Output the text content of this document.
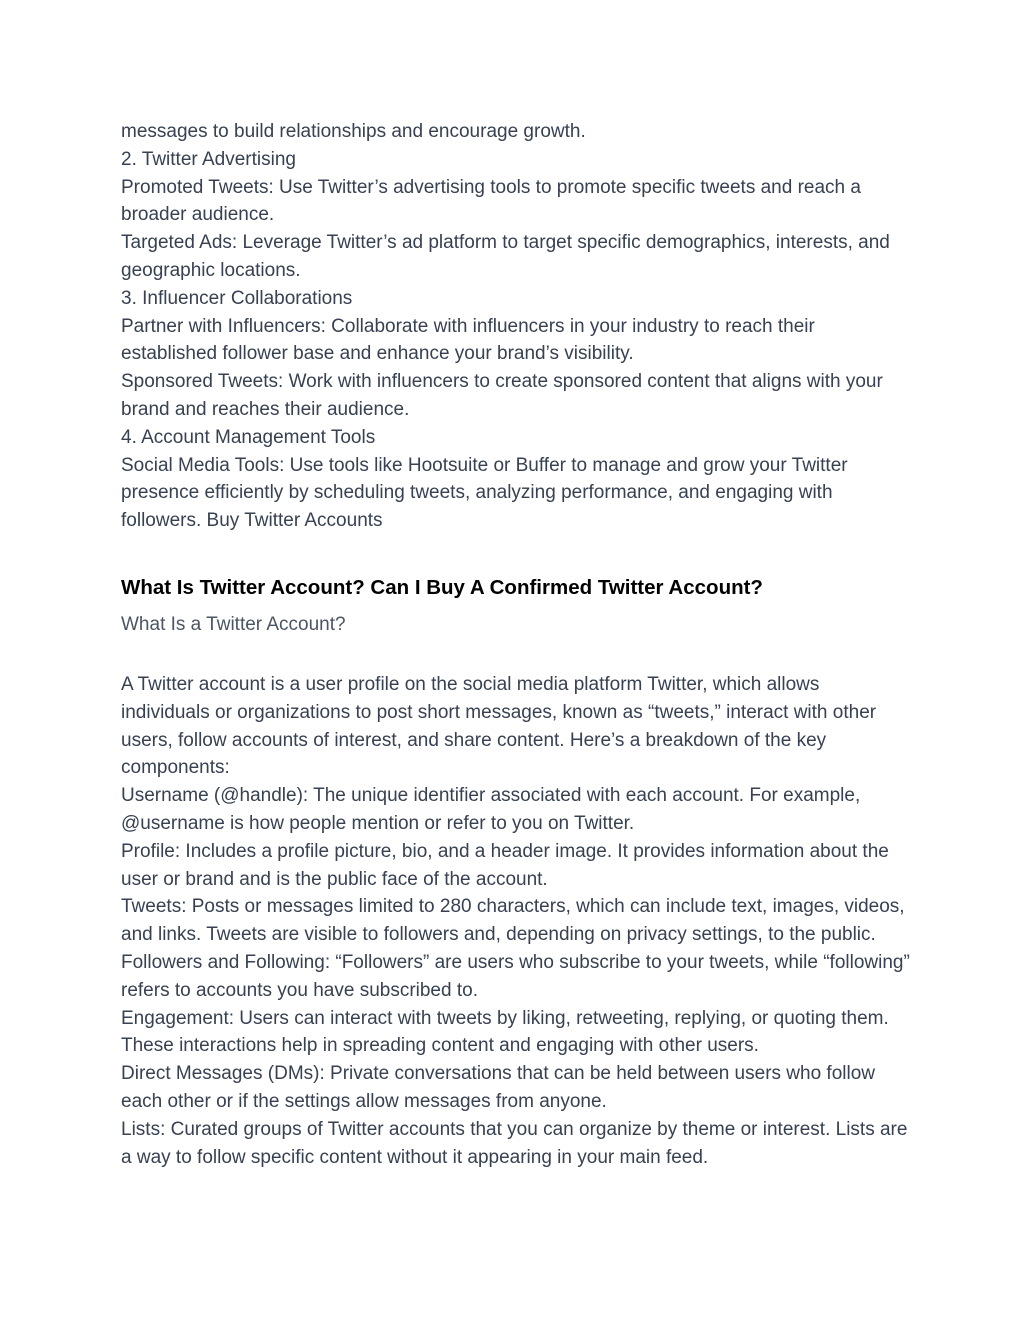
messages to build relationships and encourage growth.

2. Twitter Advertising

Promoted Tweets: Use Twitter’s advertising tools to promote specific tweets and reach a broader audience.

Targeted Ads: Leverage Twitter’s ad platform to target specific demographics, interests, and geographic locations.

3. Influencer Collaborations

Partner with Influencers: Collaborate with influencers in your industry to reach their established follower base and enhance your brand’s visibility.

Sponsored Tweets: Work with influencers to create sponsored content that aligns with your brand and reaches their audience.

4. Account Management Tools

Social Media Tools: Use tools like Hootsuite or Buffer to manage and grow your Twitter presence efficiently by scheduling tweets, analyzing performance, and engaging with followers. Buy Twitter Accounts

What Is Twitter Account? Can I Buy A Confirmed Twitter Account?

What Is a Twitter Account?

A Twitter account is a user profile on the social media platform Twitter, which allows individuals or organizations to post short messages, known as “tweets,” interact with other users, follow accounts of interest, and share content. Here’s a breakdown of the key components:

Username (@handle): The unique identifier associated with each account. For example, @username is how people mention or refer to you on Twitter.

Profile: Includes a profile picture, bio, and a header image. It provides information about the user or brand and is the public face of the account.

Tweets: Posts or messages limited to 280 characters, which can include text, images, videos, and links. Tweets are visible to followers and, depending on privacy settings, to the public.

Followers and Following: “Followers” are users who subscribe to your tweets, while “following” refers to accounts you have subscribed to.

Engagement: Users can interact with tweets by liking, retweeting, replying, or quoting them. These interactions help in spreading content and engaging with other users.

Direct Messages (DMs): Private conversations that can be held between users who follow each other or if the settings allow messages from anyone.

Lists: Curated groups of Twitter accounts that you can organize by theme or interest. Lists are a way to follow specific content without it appearing in your main feed.
